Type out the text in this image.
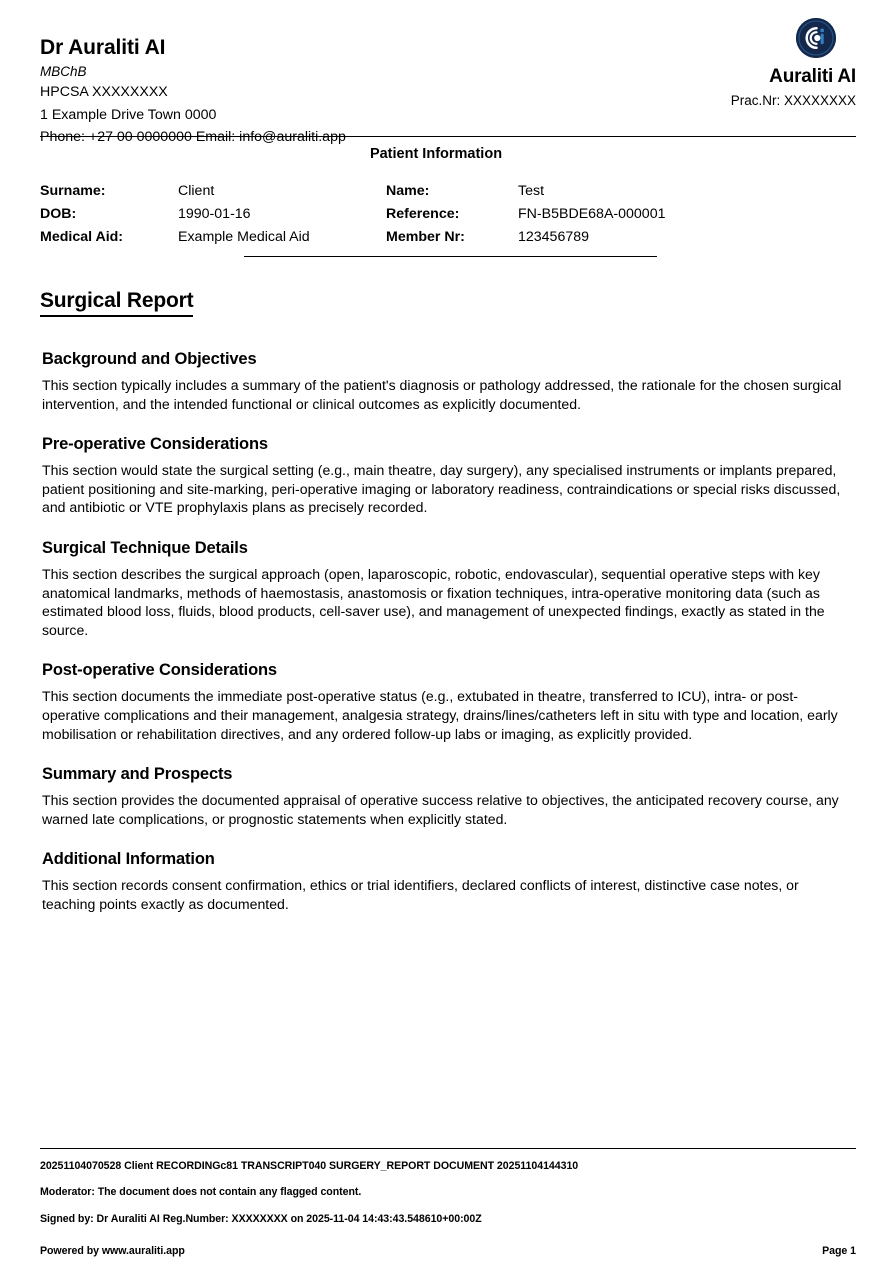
Dr Auraliti AI
MBChB
HPCSA XXXXXXXX
1 Example Drive Town 0000
Phone: +27 00 0000000 Email: info@auraliti.app
Auraliti AI
Prac.Nr: XXXXXXXX
Patient Information
Surname:	Client	Name:	Test
DOB:	1990-01-16	Reference:	FN-B5BDE68A-000001
Medical Aid:	Example Medical Aid	Member Nr:	123456789
Surgical Report
Background and Objectives

This section typically includes a summary of the patient's diagnosis or pathology addressed, the rationale for the chosen surgical intervention, and the intended functional or clinical outcomes as explicitly documented.

Pre-operative Considerations

This section would state the surgical setting (e.g., main theatre, day surgery), any specialised instruments or implants prepared, patient positioning and site-marking, peri-operative imaging or laboratory readiness, contraindications or special risks discussed, and antibiotic or VTE prophylaxis plans as precisely recorded.

Surgical Technique Details

This section describes the surgical approach (open, laparoscopic, robotic, endovascular), sequential operative steps with key anatomical landmarks, methods of haemostasis, anastomosis or fixation techniques, intra-operative monitoring data (such as estimated blood loss, fluids, blood products, cell-saver use), and management of unexpected findings, exactly as stated in the source.

Post-operative Considerations

This section documents the immediate post-operative status (e.g., extubated in theatre, transferred to ICU), intra- or post-operative complications and their management, analgesia strategy, drains/lines/catheters left in situ with type and location, early mobilisation or rehabilitation directives, and any ordered follow-up labs or imaging, as explicitly provided.

Summary and Prospects

This section provides the documented appraisal of operative success relative to objectives, the anticipated recovery course, any warned late complications, or prognostic statements when explicitly stated.

Additional Information

This section records consent confirmation, ethics or trial identifiers, declared conflicts of interest, distinctive case notes, or teaching points exactly as documented.

20251104070528 Client RECORDINGc81 TRANSCRIPT040 SURGERY_REPORT DOCUMENT 20251104144310
Moderator: The document does not contain any flagged content.
Signed by: Dr Auraliti AI Reg.Number: XXXXXXXX on 2025-11-04 14:43:43.548610+00:00Z
Powered by www.auraliti.app	Page 1
